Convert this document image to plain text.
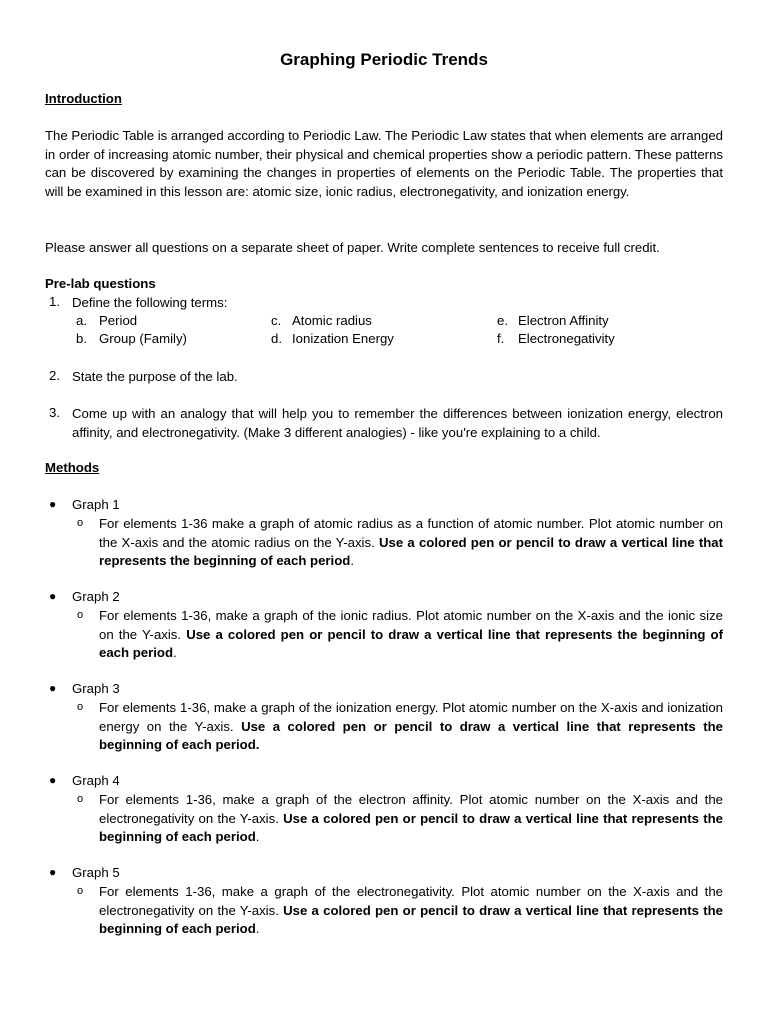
Graphing Periodic Trends
Introduction
The Periodic Table is arranged according to Periodic Law. The Periodic Law states that when elements are arranged in order of increasing atomic number, their physical and chemical properties show a periodic pattern. These patterns can be discovered by examining the changes in properties of elements on the Periodic Table. The properties that will be examined in this lesson are: atomic size, ionic radius, electronegativity, and ionization energy.
Please answer all questions on a separate sheet of paper. Write complete sentences to receive full credit.
Pre-lab questions
1. Define the following terms:
a. Period
b. Group (Family)
c. Atomic radius
d. Ionization Energy
e. Electron Affinity
f. Electronegativity
2. State the purpose of the lab.
3. Come up with an analogy that will help you to remember the differences between ionization energy, electron affinity, and electronegativity. (Make 3 different analogies) - like you're explaining to a child.
Methods
● Graph 1
o For elements 1-36 make a graph of atomic radius as a function of atomic number. Plot atomic number on the X-axis and the atomic radius on the Y-axis. Use a colored pen or pencil to draw a vertical line that represents the beginning of each period.
● Graph 2
o For elements 1-36, make a graph of the ionic radius. Plot atomic number on the X-axis and the ionic size on the Y-axis. Use a colored pen or pencil to draw a vertical line that represents the beginning of each period.
● Graph 3
o For elements 1-36, make a graph of the ionization energy. Plot atomic number on the X-axis and ionization energy on the Y-axis. Use a colored pen or pencil to draw a vertical line that represents the beginning of each period.
● Graph 4
o For elements 1-36, make a graph of the electron affinity. Plot atomic number on the X-axis and the electronegativity on the Y-axis. Use a colored pen or pencil to draw a vertical line that represents the beginning of each period.
● Graph 5
o For elements 1-36, make a graph of the electronegativity. Plot atomic number on the X-axis and the electronegativity on the Y-axis. Use a colored pen or pencil to draw a vertical line that represents the beginning of each period.
